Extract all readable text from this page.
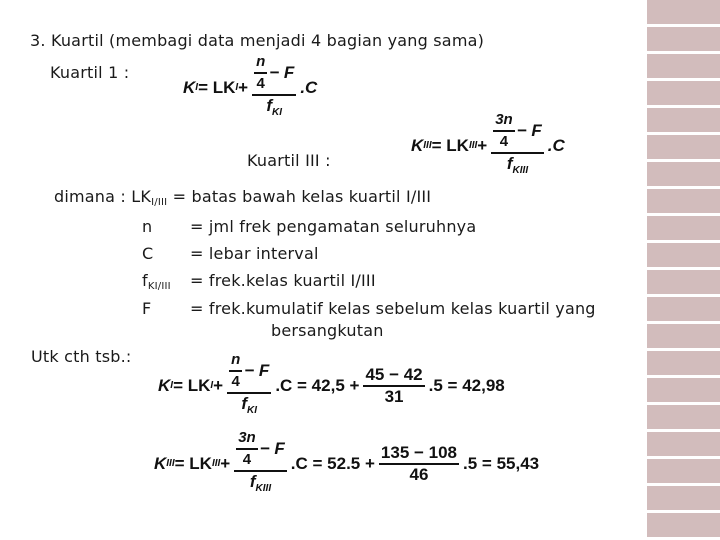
3. Kuartil (membagi data menjadi 4 bagian yang sama)
Kuartil 1 :
K I = LK $I + \frac{\frac{n}{4} - F}{f_{KI}} .C$
Kuartil III :
K III = LK III + $\frac{\frac{3n}{4} - F}{f_{KIII}} .C$
dimana : LKI/III = batas bawah kelas kuartil I/III
n = jml frek pengamatan seluruhnya
C = lebar interval
fKI/III = frek.kelas kuartil I/III
F = frek.kumulatif kelas sebelum kelas kuartil yang
bersangkutan
Utk cth tsb.:
K I = LK $I + \frac{\frac{n}{4} - F}{f_{KI}} .C = 42,5 + \frac{45 - 42}{31} .5 = 42,98$
K III = LK III + $\frac{\frac{3n}{4} - F}{f_{KIII}} .C = 52.5 + \frac{135 - 108}{46} .5 = 55,43$
